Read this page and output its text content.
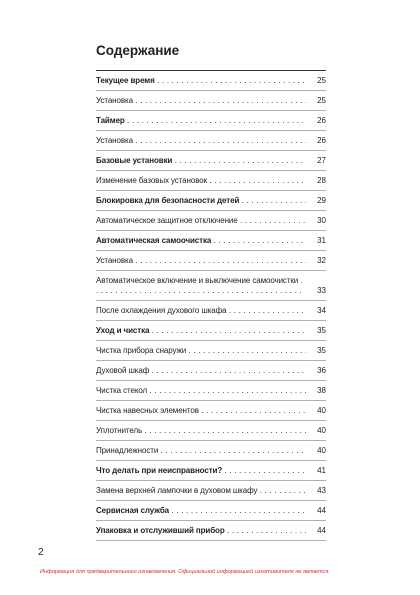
Содержание
Текущее время . . .	25
Установка . . .	25
Таймер . . .	26
Установка . . .	26
Базовые установки . . .	27
Изменение базовых установок . . .	28
Блокировка для безопасности детей . . .	29
Автоматическое защитное отключение . . .	30
Автоматическая самоочистка . . .	31
Установка . . .	32
Автоматическое включение и выключение самоочистки . . .
33
После охлаждения духового шкафа . . .	34
Уход и чистка . . .	35
Чистка прибора снаружи . . .	35
Духовой шкаф . . .	36
Чистка стекол . . .	38
Чистка навесных элементов . . .	40
Уплотнитель . . .	40
Принадлежности . . .	40
Что делать при неисправности? . . .	41
Замена верхней лампочки в духовом шкафу . . .	43
Сервисная служба . . .	44
Упаковка и отслуживший прибор . . .	44
2
Информация для предварительного ознакомления. Официальной информацией изготовителя не является.
